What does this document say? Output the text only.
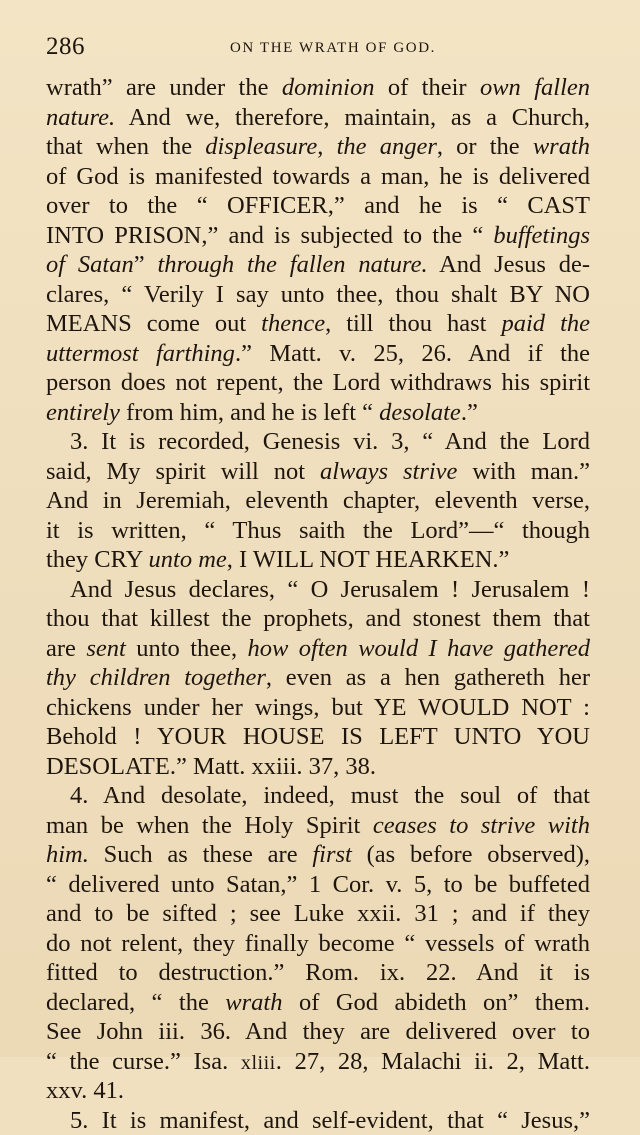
286	ON THE WRATH OF GOD.
wrath” are under the dominion of their own fallen
nature. And we, therefore, maintain, as a Church,
that when the displeasure, the anger, or the wrath
of God is manifested towards a man, he is delivered
over to the “ OFFICER,” and he is “ CAST
INTO PRISON,” and is subjected to the “ buffetings
of Satan” through the fallen nature. And Jesus de-
clares, “ Verily I say unto thee, thou shalt BY NO
MEANS come out thence, till thou hast paid the
uttermost farthing.” Matt. v. 25, 26. And if the
person does not repent, the Lord withdraws his spirit
entirely from him, and he is left “ desolate.”
3. It is recorded, Genesis vi. 3, “ And the Lord
said, My spirit will not always strive with man.”
And in Jeremiah, eleventh chapter, eleventh verse,
it is written, “ Thus saith the Lord”—“ though
they CRY unto me, I WILL NOT HEARKEN.”
And Jesus declares, “ O Jerusalem ! Jerusalem !
thou that killest the prophets, and stonest them that
are sent unto thee, how often would I have gathered
thy children together, even as a hen gathereth her
chickens under her wings, but YE WOULD NOT :
Behold ! YOUR HOUSE IS LEFT UNTO YOU
DESOLATE.” Matt. xxiii. 37, 38.
4. And desolate, indeed, must the soul of that
man be when the Holy Spirit ceases to strive with
him. Such as these are first (as before observed),
“ delivered unto Satan,” 1 Cor. v. 5, to be buffeted
and to be sifted ; see Luke xxii. 31 ; and if they
do not relent, they finally become “ vessels of wrath
fitted to destruction.” Rom. ix. 22. And it is
declared, “ the wrath of God abideth on” them.
See John iii. 36. And they are delivered over to
“ the curse.” Isa. xliii. 27, 28, Malachi ii. 2, Matt.
xxv. 41.
5. It is manifest, and self-evident, that “ Jesus,”
